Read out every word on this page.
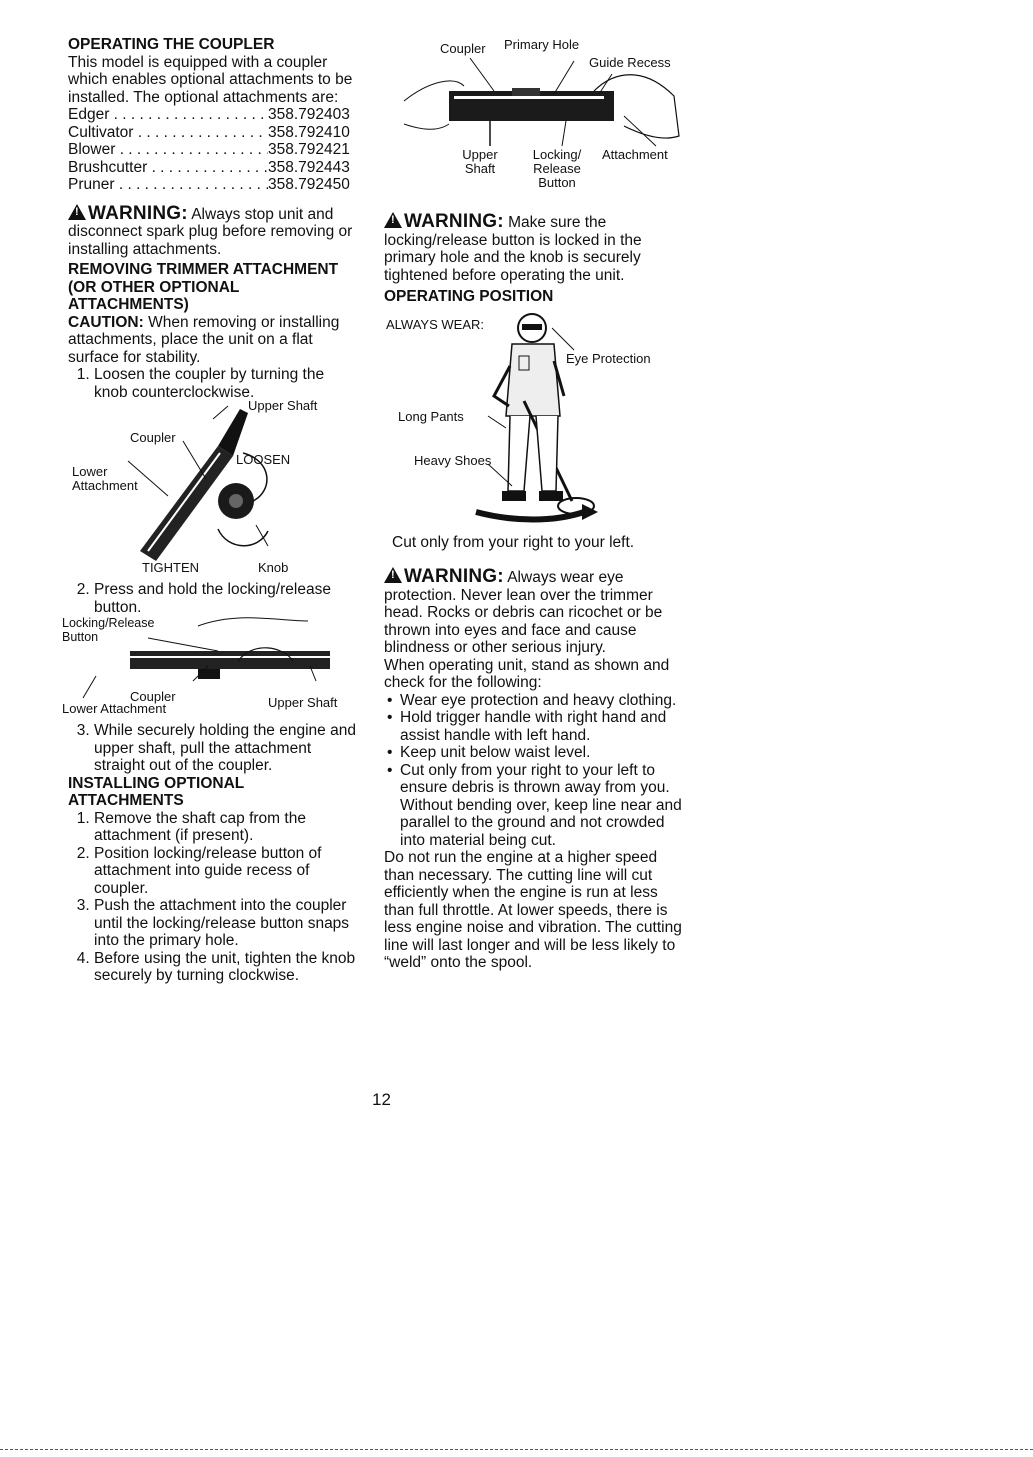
OPERATING THE COUPLER

This model is equipped with a coupler which enables optional attachments to be installed. The optional attachments are:

Edger . . .	358.792403
Cultivator . . .	358.792410
Blower . . .	358.792421
Brushcutter . . .	358.792443
Pruner . . .	358.792450

!WARNING: Always stop unit and disconnect spark plug before removing or installing attachments.

REMOVING TRIMMER ATTACHMENT (OR OTHER OPTIONAL ATTACHMENTS)

CAUTION: When removing or installing attachments, place the unit on a flat surface for stability.

1. Loosen the coupler by turning the knob counterclockwise.
Upper Shaft
Coupler
LOOSEN
Lower Attachment
TIGHTEN	Knob
2. Press and hold the locking/release button.
Locking/Release Button
Coupler	Upper Shaft
Lower Attachment
3. While securely holding the engine and upper shaft, pull the attachment straight out of the coupler.

INSTALLING OPTIONAL ATTACHMENTS

1. Remove the shaft cap from the attachment (if present).
2. Position locking/release button of attachment into guide recess of coupler.
3. Push the attachment into the coupler until the locking/release button snaps into the primary hole.
4. Before using the unit, tighten the knob securely by turning clockwise.
Coupler Primary Hole
Guide Recess
Upper Shaft
Locking/ Release Button
Attachment

!WARNING: Make sure the locking/release button is locked in the primary hole and the knob is securely tightened before operating the unit.

OPERATING POSITION

ALWAYS WEAR:
Eye Protection
Long Pants
Heavy Shoes

Cut only from your right to your left.

!WARNING: Always wear eye protection. Never lean over the trimmer head. Rocks or debris can ricochet or be thrown into eyes and face and cause blindness or other serious injury.

When operating unit, stand as shown and check for the following:

• Wear eye protection and heavy clothing.
• Hold trigger handle with right hand and assist handle with left hand.
• Keep unit below waist level.
• Cut only from your right to your left to ensure debris is thrown away from you. Without bending over, keep line near and parallel to the ground and not crowded into material being cut.

Do not run the engine at a higher speed than necessary. The cutting line will cut efficiently when the engine is run at less than full throttle. At lower speeds, there is less engine noise and vibration. The cutting line will last longer and will be less likely to “weld” onto the spool.

12
